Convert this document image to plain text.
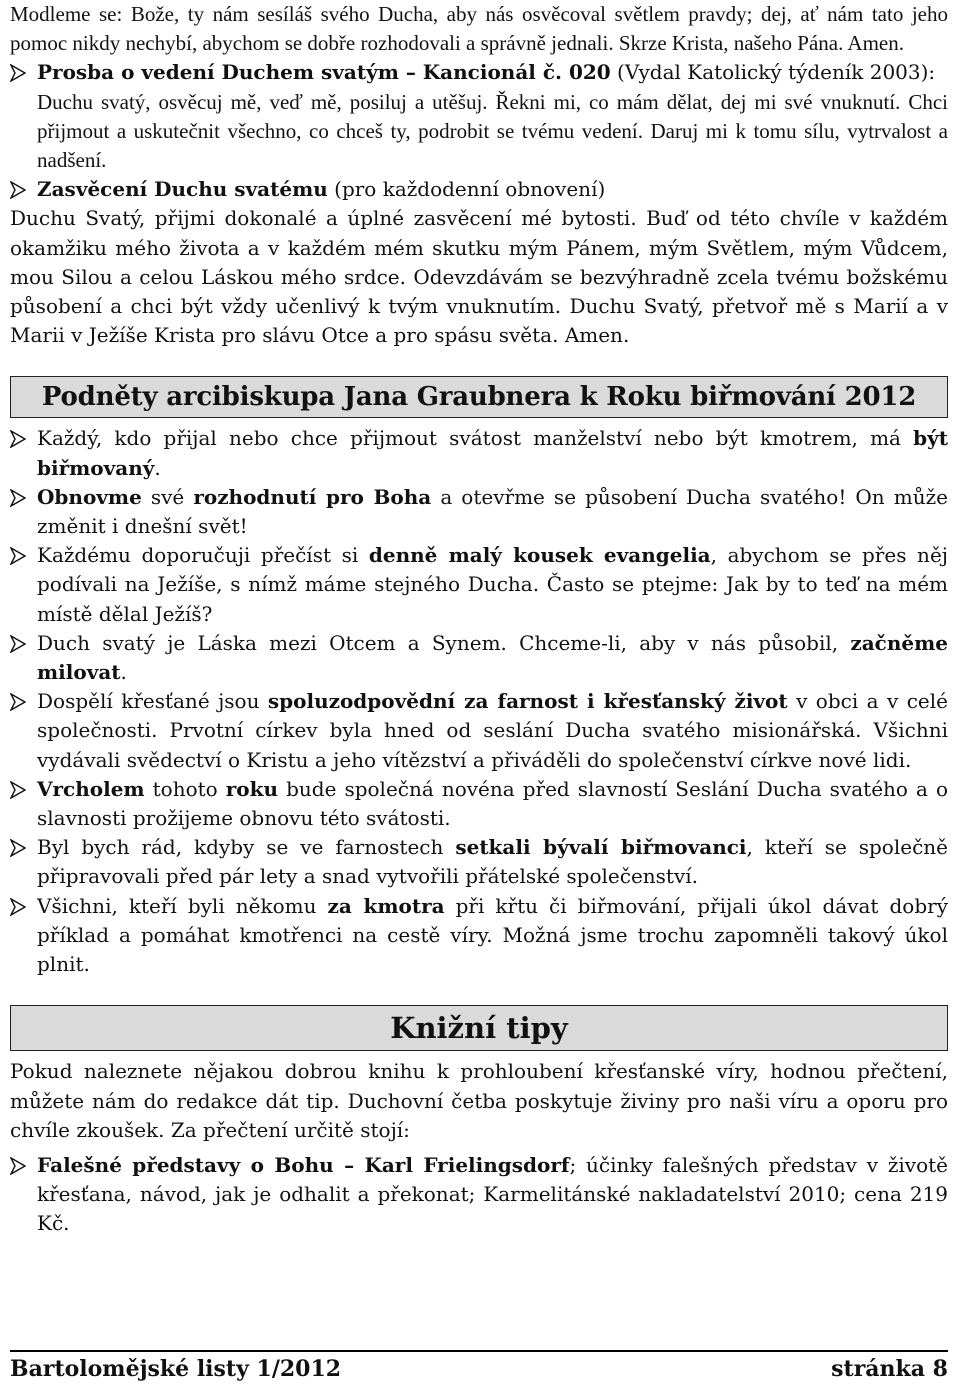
Modleme se: Bože, ty nám sesíláš svého Ducha, aby nás osvěcoval světlem pravdy; dej, ať nám tato jeho pomoc nikdy nechybí, abychom se dobře rozhodovali a správně jednali. Skrze Krista, našeho Pána. Amen.

Prosba o vedení Duchem svatým – Kancionál č. 020 (Vydal Katolický týdeník 2003):

Duchu svatý, osvěcuj mě, veď mě, posiluj a utěšuj. Řekni mi, co mám dělat, dej mi své vnuknutí. Chci přijmout a uskutečnit všechno, co chceš ty, podrobit se tvému vedení. Daruj mi k tomu sílu, vytrvalost a nadšení.

Zasvěcení Duchu svatému (pro každodenní obnovení)

Duchu Svatý, přijmi dokonalé a úplné zasvěcení mé bytosti. Buď od této chvíle v každém okamžiku mého života a v každém mém skutku mým Pánem, mým Světlem, mým Vůdcem, mou Silou a celou Láskou mého srdce. Odevzdávám se bezvýhradně zcela tvému božskému působení a chci být vždy učenlivý k tvým vnuknutím. Duchu Svatý, přetvoř mě s Marií a v Marii v Ježíše Krista pro slávu Otce a pro spásu světa. Amen.

Podněty arcibiskupa Jana Graubnera k Roku biřmování 2012

Každý, kdo přijal nebo chce přijmout svátost manželství nebo být kmotrem, má být biřmovaný.

Obnovme své rozhodnutí pro Boha a otevřme se působení Ducha svatého! On může změnit i dnešní svět!

Každému doporučuji přečíst si denně malý kousek evangelia, abychom se přes něj podívali na Ježíše, s nímž máme stejného Ducha. Často se ptejme: Jak by to teď na mém místě dělal Ježíš?

Duch svatý je Láska mezi Otcem a Synem. Chceme-li, aby v nás působil, začněme milovat.

Dospělí křesťané jsou spoluzodpovědní za farnost i křesťanský život v obci a v celé společnosti. Prvotní církev byla hned od seslání Ducha svatého misionářská. Všichni vydávali svědectví o Kristu a jeho vítězství a přiváděli do společenství církve nové lidi.

Vrcholem tohoto roku bude společná novéna před slavností Seslání Ducha svatého a o slavnosti prožijeme obnovu této svátosti.

Byl bych rád, kdyby se ve farnostech setkali bývalí biřmovanci, kteří se společně připravovali před pár lety a snad vytvořili přátelské společenství.

Všichni, kteří byli někomu za kmotra při křtu či biřmování, přijali úkol dávat dobrý příklad a pomáhat kmotřenci na cestě víry. Možná jsme trochu zapomněli takový úkol plnit.

Knižní tipy

Pokud naleznete nějakou dobrou knihu k prohloubení křesťanské víry, hodnou přečtení, můžete nám do redakce dát tip. Duchovní četba poskytuje živiny pro naši víru a oporu pro chvíle zkoušek. Za přečtení určitě stojí:

Falešné představy o Bohu – Karl Frielingsdorf; účinky falešných představ v životě křesťana, návod, jak je odhalit a překonat; Karmelitánské nakladatelství 2010; cena 219 Kč.

Bartolomějské listy 1/2012	stránka 8
